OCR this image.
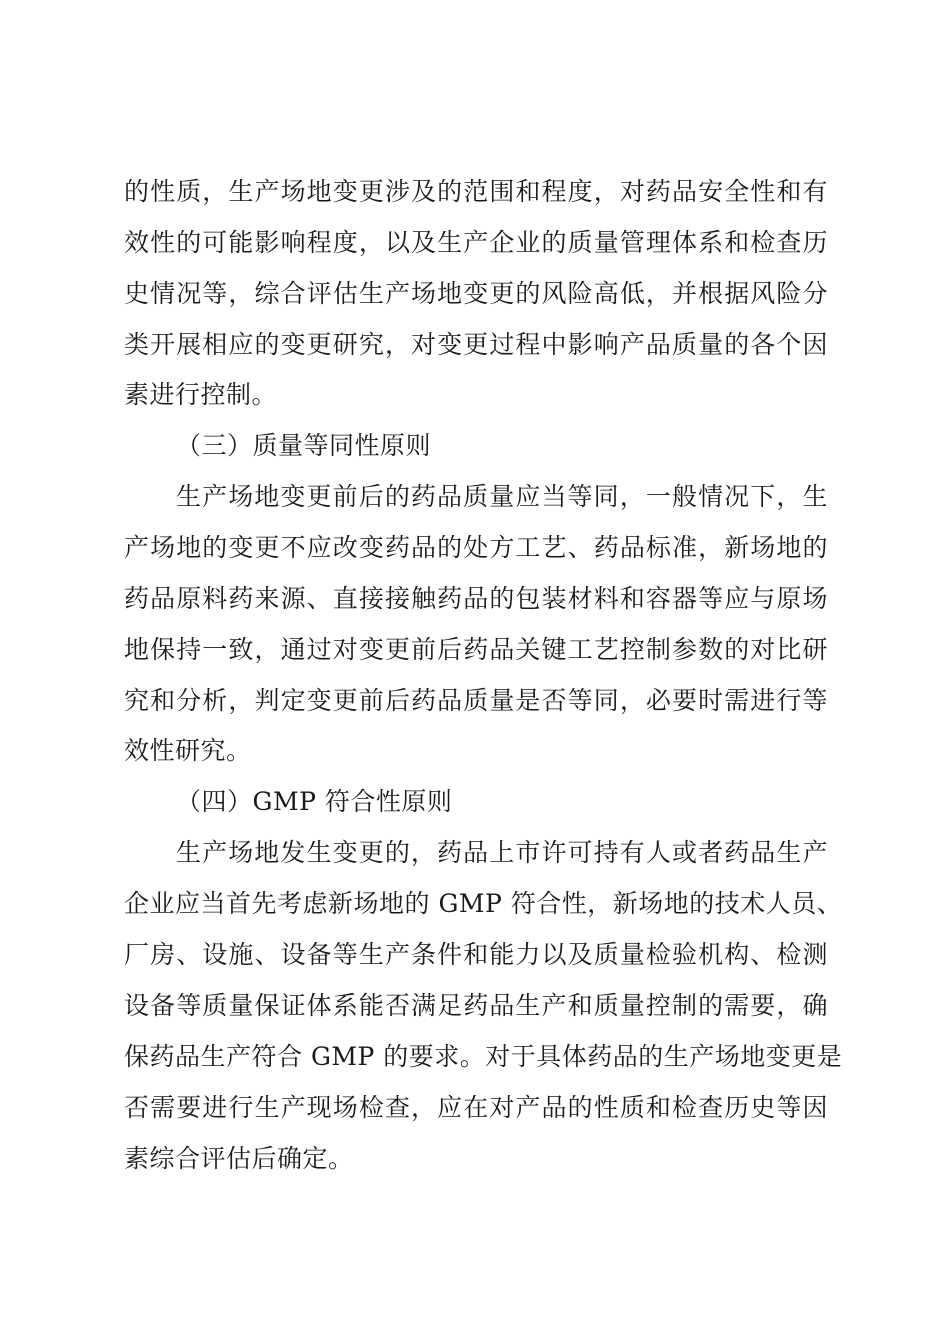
的性质，生产场地变更涉及的范围和程度，对药品安全性和有
效性的可能影响程度，以及生产企业的质量管理体系和检查历
史情况等，综合评估生产场地变更的风险高低，并根据风险分
类开展相应的变更研究，对变更过程中影响产品质量的各个因
素进行控制。
（三）质量等同性原则
生产场地变更前后的药品质量应当等同，一般情况下，生
产场地的变更不应改变药品的处方工艺、药品标准，新场地的
药品原料药来源、直接接触药品的包装材料和容器等应与原场
地保持一致，通过对变更前后药品关键工艺控制参数的对比研
究和分析，判定变更前后药品质量是否等同，必要时需进行等
效性研究。
（四）GMP 符合性原则
生产场地发生变更的，药品上市许可持有人或者药品生产
企业应当首先考虑新场地的 GMP 符合性，新场地的技术人员、
厂房、设施、设备等生产条件和能力以及质量检验机构、检测
设备等质量保证体系能否满足药品生产和质量控制的需要，确
保药品生产符合 GMP 的要求。对于具体药品的生产场地变更是
否需要进行生产现场检查，应在对产品的性质和检查历史等因
素综合评估后确定。
